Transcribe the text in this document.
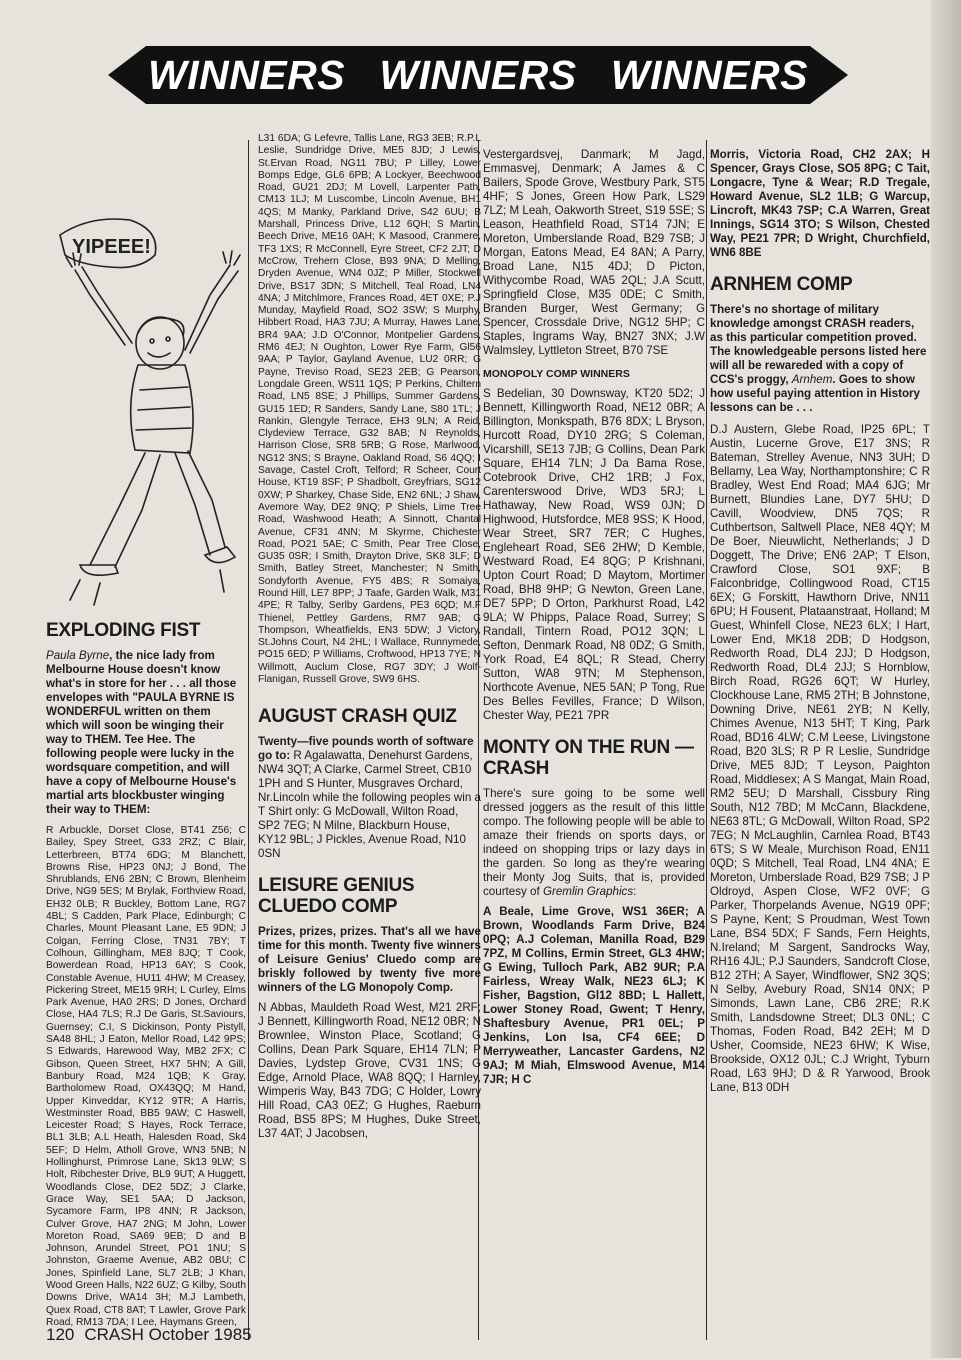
WINNERS WINNERS WINNERS
YIPEEE!
EXPLODING FIST

Paula Byrne, the nice lady from Melbourne House doesn't know what's in store for her . . . all those envelopes with "PAULA BYRNE IS WONDERFUL written on them which will soon be winging their way to THEM. Tee Hee. The following people were lucky in the wordsquare competition, and will have a copy of Melbourne House's martial arts blockbuster winging their way to THEM:

R Arbuckle, Dorset Close, BT41 Z56; C Bailey, Spey Street, G33 2RZ; C Blair, Letterbreen, BT74 6DG; M Blanchett, Browns Rise, HP23 0NJ; J Bond, The Shrublands, EN6 2BN; C Brown, Blenheim Drive, NG9 5ES; M Brylak, Forthview Road, EH32 0LB; R Buckley, Bottom Lane, RG7 4BL; S Cadden, Park Place, Edinburgh; C Charles, Mount Pleasant Lane, E5 9DN; J Colgan, Ferring Close, TN31 7BY; T Colhoun, Gillingham, ME8 8JQ; T Cook, Bowerdean Road, HP13 6AY; S Cook, Constable Avenue, HU11 4HW; M Creasey, Pickering Street, ME15 9RH; L Curley, Elms Park Avenue, HA0 2RS; D Jones, Orchard Close, HA4 7LS; R.J De Garis, St.Saviours, Guernsey; C.I, S Dickinson, Ponty Pistyll, SA48 8HL; J Eaton, Mellor Road, L42 9PS; S Edwards, Harewood Way, MB2 2FX; C Gibson, Queen Street, HX7 5HN; A Gill, Banbury Road, M24 1QB; K Gray, Bartholomew Road, OX43QQ; M Hand, Upper Kinveddar, KY12 9TR; A Harris, Westminster Road, BB5 9AW; C Haswell, Leicester Road; S Hayes, Rock Terrace, BL1 3LB; A.L Heath, Halesden Road, Sk4 5EF; D Helm, Atholl Grove, WN3 5NB; N Hollinghurst, Primrose Lane, Sk13 9LW; S Holt, Ribchester Drive, BL9 9UT; A Huggett, Woodlands Close, DE2 5DZ; J Clarke, Grace Way, SE1 5AA; D Jackson, Sycamore Farm, IP8 4NN; R Jackson, Culver Grove, HA7 2NG; M John, Lower Moreton Road, SA69 9EB; D and B Johnson, Arundel Street, PO1 1NU; S Johnston, Graeme Avenue, AB2 0BU; C Jones, Spinfield Lane, SL7 2LB; J Khan, Wood Green Halls, N22 6UZ; G Kilby, South Downs Drive, WA14 3H; M.J Lambeth, Quex Road, CT8 8AT; T Lawler, Grove Park Road, RM13 7DA; I Lee, Haymans Green,

L31 6DA; G Lefevre, Tallis Lane, RG3 3EB; R.P.L Leslie, Sundridge Drive, ME5 8JD; J Lewis, St.Ervan Road, NG11 7BU; P Lilley, Lower Bomps Edge, GL6 6PB; A Lockyer, Beechwood Road, GU21 2DJ; M Lovell, Larpenter Path, CM13 1LJ; M Luscombe, Lincoln Avenue, BH1 4QS; M Manky, Parkland Drive, S42 6UU; B Marshall, Princess Drive, L12 6QH; S Martin, Beech Drive, ME16 0AH; K Masood, Cranmere, TF3 1XS; R McConnell, Eyre Street, CF2 2JT; D McCrow, Trehern Close, B93 9NA; D Melling, Dryden Avenue, WN4 0JZ; P Miller, Stockwell Drive, BS17 3DN; S Mitchell, Teal Road, LN4 4NA; J Mitchlmore, Frances Road, 4ET 0XE; P.J Munday, Mayfield Road, SO2 3SW; S Murphy, Hibbert Road, HA3 7JU; A Murray, Hawes Lane, BR4 9AA; J.D O'Connor, Montpelier Gardens, RM6 4EJ; N Oughton, Lower Rye Farm, Gl56 9AA; P Taylor, Gayland Avenue, LU2 0RR; G Payne, Treviso Road, SE23 2EB; G Pearson, Longdale Green, WS11 1QS; P Perkins, Chiltern Road, LN5 8SE; J Phillips, Summer Gardens, GU15 1ED; R Sanders, Sandy Lane, S80 1TL; J Rankin, Glengyle Terrace, EH3 9LN; A Reid, Clydeview Terrace, G32 8AB; N Reynolds, Harrison Close, SR8 5RB; G Rose, Marlwood, NG12 3NS; S Brayne, Oakland Road, S6 4QQ; I Savage, Castel Croft, Telford; R Scheer, Court House, KT19 8SF; P Shadbolt, Greyfriars, SG12 0XW; P Sharkey, Chase Side, EN2 6NL; J Shaw, Avemore Way, DE2 9NQ; P Shiels, Lime Tree Road, Washwood Heath; A Sinnott, Chantal Avenue, CF31 4NN; M Skyrme, Chichester Road, PO21 5AE; C Smith, Pear Tree Close, GU35 0SR; I Smith, Drayton Drive, SK8 3LF; D Smith, Batley Street, Manchester; N Smith, Sondyforth Avenue, FY5 4BS; R Somaiya, Round Hill, LE7 8PP; J Taafe, Garden Walk, M31 4PE; R Talby, Serlby Gardens, PE3 6QD; M.F Thienel, Pettley Gardens, RM7 9AB; G Thompson, Wheatfields, EN3 5DW; J Victory, St.Johns Court, N4 2HL; I Wallace, Runnymede, PO15 6ED; P Williams, Croftwood, HP13 7YE; N Willmott, Auclum Close, RG7 3DY; J Wolf-Flanigan, Russell Grove, SW9 6HS.

AUGUST CRASH QUIZ

Twenty—five pounds worth of software go to: R Agalawatta, Denehurst Gardens, NW4 3QT; A Clarke, Carmel Street, CB10 1PH and S Hunter, Musgraves Orchard, Nr.Lincoln while the following peoples win a T Shirt only: G McDowall, Wilton Road, SP2 7EG; N Milne, Blackburn House, KY12 9BL; J Pickles, Avenue Road, N10 0SN

LEISURE GENIUS CLUEDO COMP

Prizes, prizes, prizes. That's all we have time for this month. Twenty five winners of Leisure Genius' Cluedo comp are briskly followed by twenty five more winners of the LG Monopoly Comp.

N Abbas, Mauldeth Road West, M21 2RF; J Bennett, Killingworth Road, NE12 0BR; N Brownlee, Winston Place, Scotland; G Collins, Dean Park Square, EH14 7LN; P Davies, Lydstep Grove, CV31 1NS; G Edge, Arnold Place, WA8 8QQ; I Harnley, Wimperis Way, B43 7DG; C Holder, Lowry Hill Road, CA3 0EZ; G Hughes, Raeburn Road, BS5 8PS; M Hughes, Duke Street, L37 4AT; J Jacobsen,

Vestergardsvej, Danmark; M Jagd, Emmasvej, Denmark; A James & C Bailers, Spode Grove, Westbury Park, ST5 4HF; S Jones, Green How Park, LS29 7LZ; M Leah, Oakworth Street, S19 5SE; S Leason, Heathfield Road, ST14 7JN; E Moreton, Umberslande Road, B29 7SB; J Morgan, Eatons Mead, E4 8AN; A Parry, Broad Lane, N15 4DJ; D Picton, Withycombe Road, WA5 2QL; J.A Scutt, Springfield Close, M35 0DE; C Smith, Branden Burger, West Germany; G Spencer, Crossdale Drive, NG12 5HP; C Staples, Ingrams Way, BN27 3NX; J.W Walmsley, Lyttleton Street, B70 7SE

MONOPOLY COMP WINNERS

S Bedelian, 30 Downsway, KT20 5D2; J Bennett, Killingworth Road, NE12 0BR; A Billington, Monkspath, B76 8DX; L Bryson, Hurcott Road, DY10 2RG; S Coleman, Vicarshill, SE13 7JB; G Collins, Dean Park Square, EH14 7LN; J Da Bama Rose, Cotebrook Drive, CH2 1RB; J Fox, Carenterswood Drive, WD3 5RJ; L Hathaway, New Road, WS9 0JN; D Highwood, Hutsfordce, ME8 9SS; K Hood, Wear Street, SR7 7ER; C Hughes, Engleheart Road, SE6 2HW; D Kemble, Westward Road, E4 8QG; P Krishnani, Upton Court Road; D Maytom, Mortimer Road, BH8 9HP; G Newton, Green Lane, DE7 5PP; D Orton, Parkhurst Road, L42 9LA; W Phipps, Palace Road, Surrey; S Randall, Tintern Road, PO12 3QN; L Sefton, Denmark Road, N8 0DZ; G Smith, York Road, E4 8QL; R Stead, Cherry Sutton, WA8 9TN; M Stephenson, Northcote Avenue, NE5 5AN; P Tong, Rue Des Belles Fevilles, France; D Wilson, Chester Way, PE21 7PR

MONTY ON THE RUN — CRASH

There's sure going to be some well dressed joggers as the result of this little compo. The following people will be able to amaze their friends on sports days, or indeed on shopping trips or lazy days in the garden. So long as they're wearing their Monty Jog Suits, that is, provided courtesy of Gremlin Graphics:

A Beale, Lime Grove, WS1 36ER; A Brown, Woodlands Farm Drive, B24 0PQ; A.J Coleman, Manilla Road, B29 7PZ, M Collins, Ermin Street, GL3 4HW; G Ewing, Tulloch Park, AB2 9UR; P.A Fairless, Wreay Walk, NE23 6LJ; K Fisher, Bagstion, Gl12 8BD; L Hallett, Lower Stoney Road, Gwent; T Henry, Shaftesbury Avenue, PR1 0EL; P Jenkins, Lon Isa, CF4 6EE; D Merryweather, Lancaster Gardens, N2 9AJ; M Miah, Elmswood Avenue, M14 7JR; H C

Morris, Victoria Road, CH2 2AX; H Spencer, Grays Close, SO5 8PG; C Tait, Longacre, Tyne & Wear; R.D Tregale, Howard Avenue, SL2 1LB; G Warcup, Lincroft, MK43 7SP; C.A Warren, Great Innings, SG14 3TO; S Wilson, Chested Way, PE21 7PR; D Wright, Churchfield, WN6 8BE

ARNHEM COMP

There's no shortage of military knowledge amongst CRASH readers, as this particular competition proved. The knowledgeable persons listed here will all be rewareded with a copy of CCS's proggy, Arnhem. Goes to show how useful paying attention in History lessons can be . . .

D.J Austern, Glebe Road, IP25 6PL; T Austin, Lucerne Grove, E17 3NS; R Bateman, Strelley Avenue, NN3 3UH; D Bellamy, Lea Way, Northamptonshire; C R Bradley, West End Road; MA4 6JG; Mr Burnett, Blundies Lane, DY7 5HU; D Cavill, Woodview, DN5 7QS; R Cuthbertson, Saltwell Place, NE8 4QY; M De Boer, Nieuwlicht, Netherlands; J D Doggett, The Drive; EN6 2AP; T Elson, Crawford Close, SO1 9XF; B Falconbridge, Collingwood Road, CT15 6EX; G Forskitt, Hawthorn Drive, NN11 6PU; H Fousent, Plataanstraat, Holland; M Guest, Whinfell Close, NE23 6LX; I Hart, Lower End, MK18 2DB; D Hodgson, Redworth Road, DL4 2JJ; D Hodgson, Redworth Road, DL4 2JJ; S Hornblow, Birch Road, RG26 6QT; W Hurley, Clockhouse Lane, RM5 2TH; B Johnstone, Downing Drive, NE61 2YB; N Kelly, Chimes Avenue, N13 5HT; T King, Park Road, BD16 4LW; C.M Leese, Livingstone Road, B20 3LS; R P R Leslie, Sundridge Drive, ME5 8JD; T Leyson, Paighton Road, Middlesex; A S Mangat, Main Road, RM2 5EU; D Marshall, Cissbury Ring South, N12 7BD; M McCann, Blackdene, NE63 8TL; G McDowall, Wilton Road, SP2 7EG; N McLaughlin, Carnlea Road, BT43 6TS; S W Meale, Murchison Road, EN11 0QD; S Mitchell, Teal Road, LN4 4NA; E Moreton, Umberslade Road, B29 7SB; J P Oldroyd, Aspen Close, WF2 0VF; G Parker, Thorpelands Avenue, NG19 0PF; S Payne, Kent; S Proudman, West Town Lane, BS4 5DX; F Sands, Fern Heights, N.Ireland; M Sargent, Sandrocks Way, RH16 4JL; P.J Saunders, Sandcroft Close, B12 2TH; A Sayer, Windflower, SN2 3QS; N Selby, Avebury Road, SN14 0NX; P Simonds, Lawn Lane, CB6 2RE; R.K Smith, Landsdowne Street; DL3 0NL; C Thomas, Foden Road, B42 2EH; M D Usher, Coomside, NE23 6HW; K Wise, Brookside, OX12 0JL; C.J Wright, Tyburn Road, L63 9HJ; D & R Yarwood, Brook Lane, B13 0DH

120 CRASH October 1985
